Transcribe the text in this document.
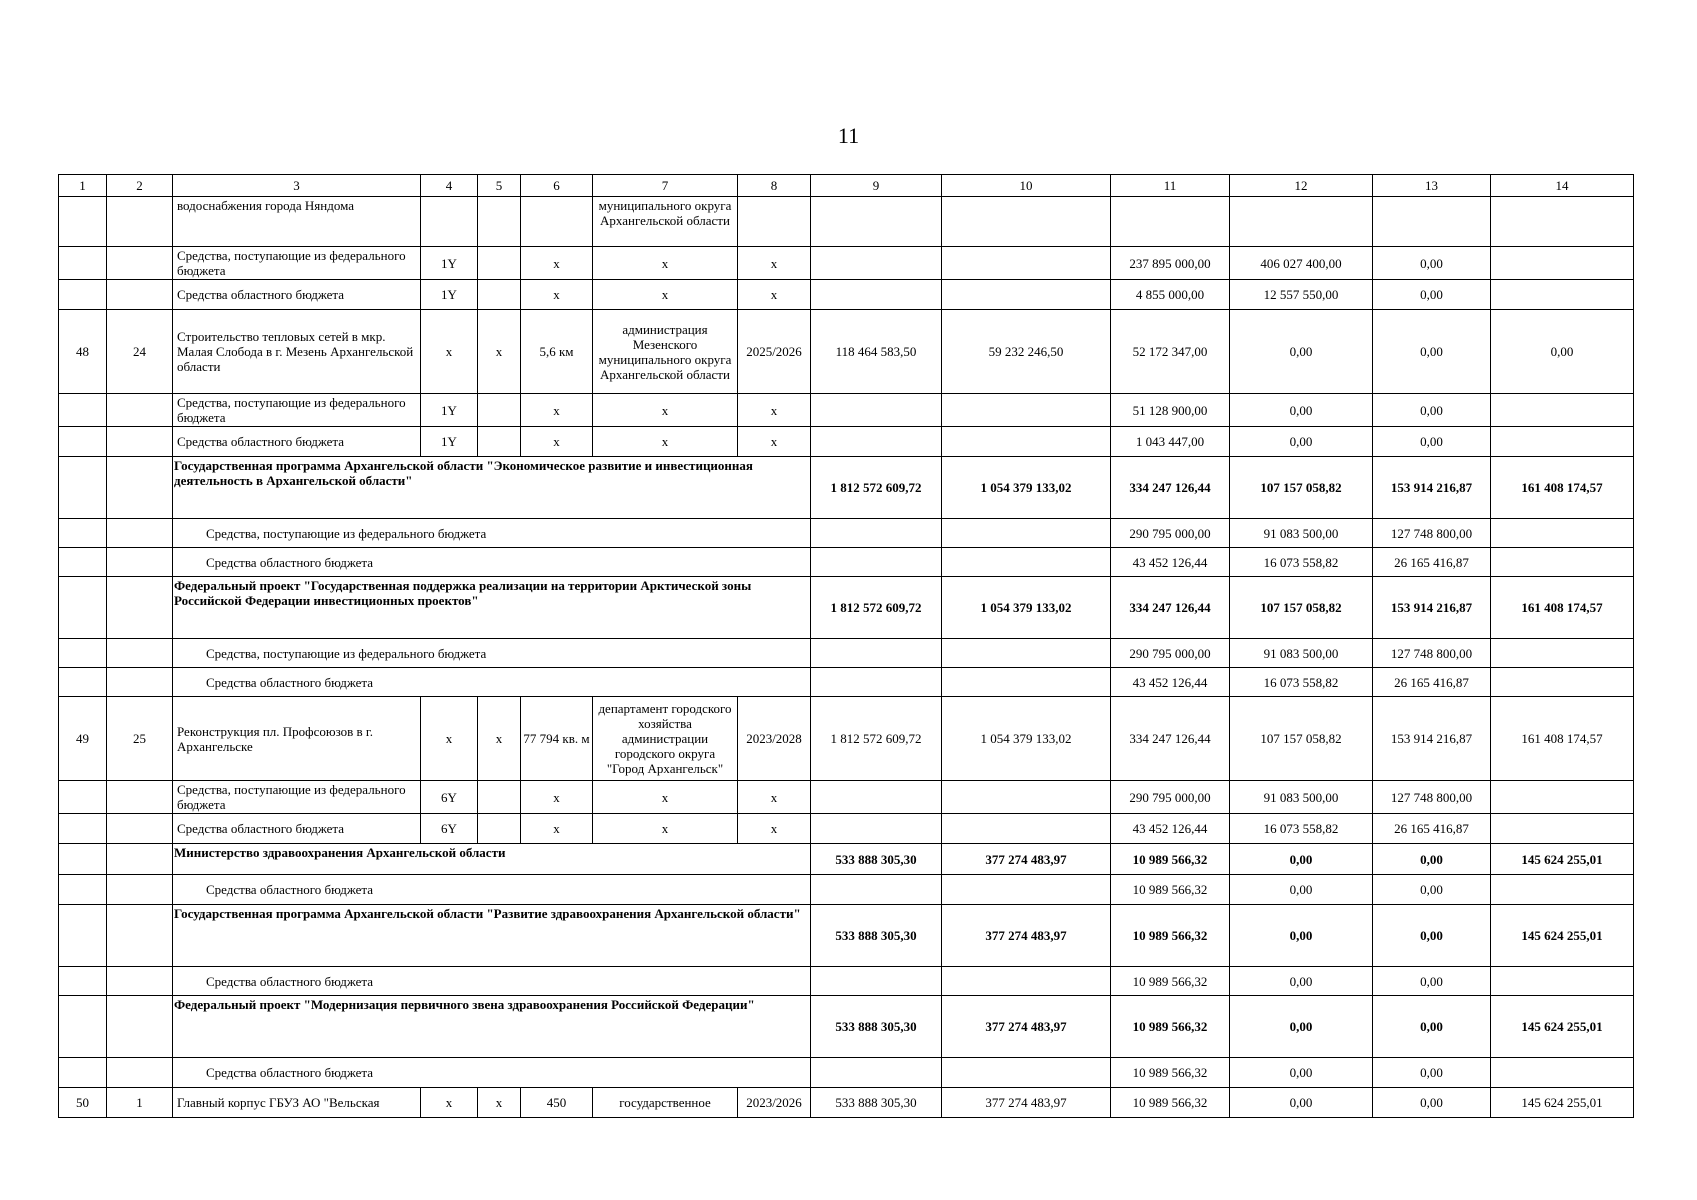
11
1	2	3	4	5	6	7	8	9	10	11	12	13	14
		водоснабжения города Няндома				муниципального округа Архангельской области							
		Средства, поступающие из федерального бюджета	1Y		x	x	x			237 895 000,00	406 027 400,00	0,00	
		Средства областного бюджета	1Y		x	x	x			4 855 000,00	12 557 550,00	0,00	
48	24	Строительство тепловых сетей в мкр. Малая Слобода в г. Мезень Архангельской области	x	x	5,6 км	администрация Мезенского муниципального округа Архангельской области	2025/2026	118 464 583,50	59 232 246,50	52 172 347,00	0,00	0,00	0,00
		Средства, поступающие из федерального бюджета	1Y		x	x	x			51 128 900,00	0,00	0,00	
		Средства областного бюджета	1Y		x	x	x			1 043 447,00	0,00	0,00	
		Государственная программа Архангельской области "Экономическое развитие и инвестиционная деятельность в Архангельской области"						1 812 572 609,72	1 054 379 133,02	334 247 126,44	107 157 058,82	153 914 216,87	161 408 174,57
		Средства, поступающие из федерального бюджета								290 795 000,00	91 083 500,00	127 748 800,00	
		Средства областного бюджета								43 452 126,44	16 073 558,82	26 165 416,87	
		Федеральный проект "Государственная поддержка реализации на территории Арктической зоны Российской Федерации инвестиционных проектов"						1 812 572 609,72	1 054 379 133,02	334 247 126,44	107 157 058,82	153 914 216,87	161 408 174,57
		Средства, поступающие из федерального бюджета								290 795 000,00	91 083 500,00	127 748 800,00	
		Средства областного бюджета								43 452 126,44	16 073 558,82	26 165 416,87	
49	25	Реконструкция пл. Профсоюзов в г. Архангельске	x	x	77 794 кв. м	департамент городского хозяйства администрации городского округа "Город Архангельск"	2023/2028	1 812 572 609,72	1 054 379 133,02	334 247 126,44	107 157 058,82	153 914 216,87	161 408 174,57
		Средства, поступающие из федерального бюджета	6Y		x	x	x			290 795 000,00	91 083 500,00	127 748 800,00	
		Средства областного бюджета	6Y		x	x	x			43 452 126,44	16 073 558,82	26 165 416,87	
		Министерство здравоохранения Архангельской области						533 888 305,30	377 274 483,97	10 989 566,32	0,00	0,00	145 624 255,01
		Средства областного бюджета								10 989 566,32	0,00	0,00	
		Государственная программа Архангельской области "Развитие здравоохранения Архангельской области"						533 888 305,30	377 274 483,97	10 989 566,32	0,00	0,00	145 624 255,01
		Средства областного бюджета								10 989 566,32	0,00	0,00	
		Федеральный проект "Модернизация первичного звена здравоохранения Российской Федерации"						533 888 305,30	377 274 483,97	10 989 566,32	0,00	0,00	145 624 255,01
		Средства областного бюджета								10 989 566,32	0,00	0,00	
50	1	Главный корпус ГБУЗ АО "Вельская	x	x	450	государственное	2023/2026	533 888 305,30	377 274 483,97	10 989 566,32	0,00	0,00	145 624 255,01
